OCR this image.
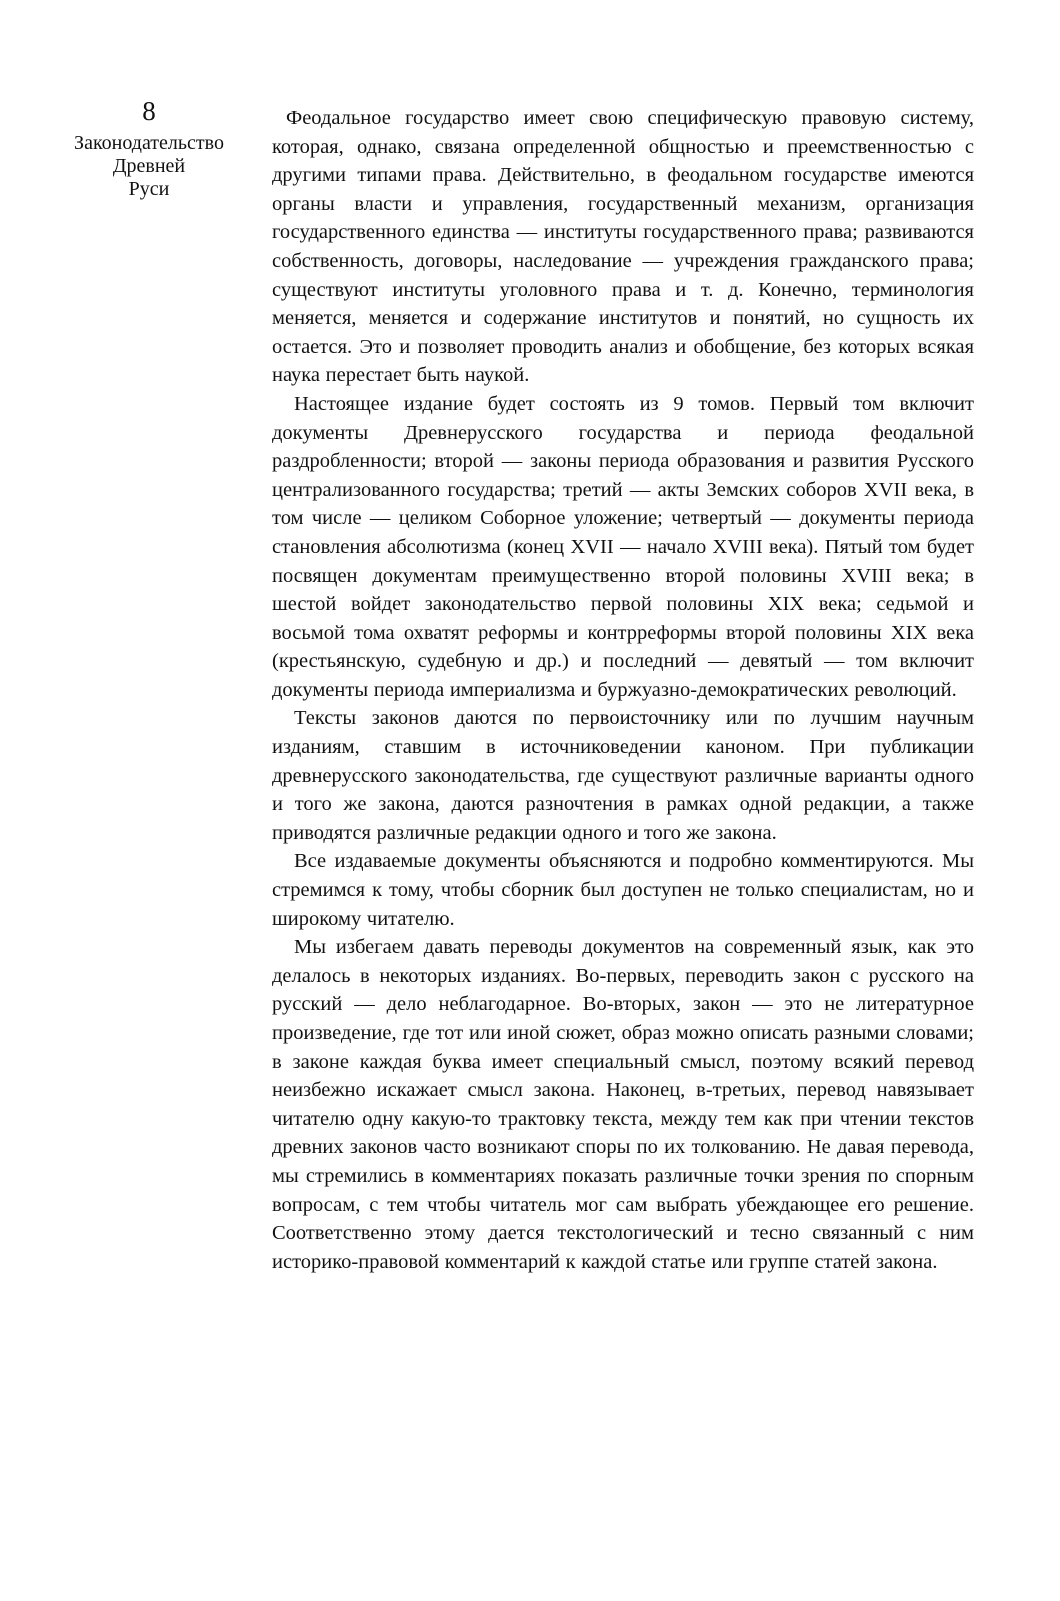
8
Законодательство
Древней
Руси

Феодальное государство имеет свою специфическую правовую систему, которая, однако, связана определенной общностью и преемственностью с другими типами права. Действительно, в феодальном государстве имеются органы власти и управления, государственный механизм, организация государственного единства — институты государственного права; развиваются собственность, договоры, наследование — учреждения гражданского права; существуют институты уголовного права и т. д. Конечно, терминология меняется, меняется и содержание институтов и понятий, но сущность их остается. Это и позволяет проводить анализ и обобщение, без которых всякая наука перестает быть наукой.

Настоящее издание будет состоять из 9 томов. Первый том включит документы Древнерусского государства и периода феодальной раздробленности; второй — законы периода образования и развития Русского централизованного государства; третий — акты Земских соборов XVII века, в том числе — целиком Соборное уложение; четвертый — документы периода становления абсолютизма (конец XVII — начало XVIII века). Пятый том будет посвящен документам преимущественно второй половины XVIII века; в шестой войдет законодательство первой половины XIX века; седьмой и восьмой тома охватят реформы и контрреформы второй половины XIX века (крестьянскую, судебную и др.) и последний — девятый — том включит документы периода империализма и буржуазно-демократических революций.

Тексты законов даются по первоисточнику или по лучшим научным изданиям, ставшим в источниковедении каноном. При публикации древнерусского законодательства, где существуют различные варианты одного и того же закона, даются разночтения в рамках одной редакции, а также приводятся различные редакции одного и того же закона.

Все издаваемые документы объясняются и подробно комментируются. Мы стремимся к тому, чтобы сборник был доступен не только специалистам, но и широкому читателю.

Мы избегаем давать переводы документов на современный язык, как это делалось в некоторых изданиях. Во-первых, переводить закон с русского на русский — дело неблагодарное. Во-вторых, закон — это не литературное произведение, где тот или иной сюжет, образ можно описать разными словами; в законе каждая буква имеет специальный смысл, поэтому всякий перевод неизбежно искажает смысл закона. Наконец, в-третьих, перевод навязывает читателю одну какую-то трактовку текста, между тем как при чтении текстов древних законов часто возникают споры по их толкованию. Не давая перевода, мы стремились в комментариях показать различные точки зрения по спорным вопросам, с тем чтобы читатель мог сам выбрать убеждающее его решение. Соответственно этому дается текстологический и тесно связанный с ним историко-правовой комментарий к каждой статье или группе статей закона.
